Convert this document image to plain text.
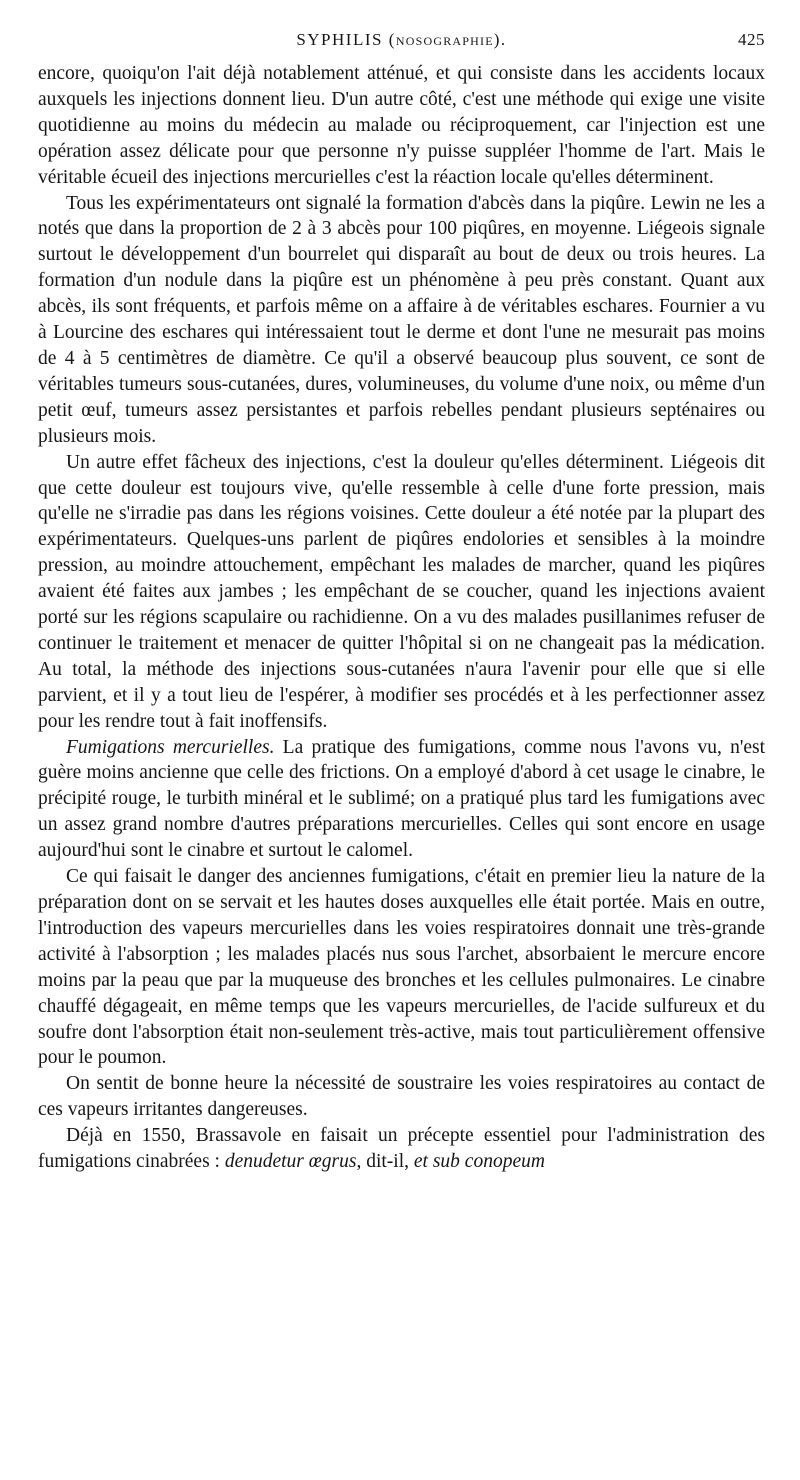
SYPHILIS (NOSOGRAPHIE).	425

encore, quoiqu'on l'ait déjà notablement atténué, et qui consiste dans les accidents locaux auxquels les injections donnent lieu. D'un autre côté, c'est une méthode qui exige une visite quotidienne au moins du médecin au malade ou réciproquement, car l'injection est une opération assez délicate pour que personne n'y puisse suppléer l'homme de l'art. Mais le véritable écueil des injections mercurielles c'est la réaction locale qu'elles déterminent.

Tous les expérimentateurs ont signalé la formation d'abcès dans la piqûre. Lewin ne les a notés que dans la proportion de 2 à 3 abcès pour 100 piqûres, en moyenne. Liégeois signale surtout le développement d'un bourrelet qui disparaît au bout de deux ou trois heures. La formation d'un nodule dans la piqûre est un phénomène à peu près constant. Quant aux abcès, ils sont fréquents, et parfois même on a affaire à de véritables eschares. Fournier a vu à Lourcine des eschares qui intéressaient tout le derme et dont l'une ne mesurait pas moins de 4 à 5 centimètres de diamètre. Ce qu'il a observé beaucoup plus souvent, ce sont de véritables tumeurs sous-cutanées, dures, volumineuses, du volume d'une noix, ou même d'un petit œuf, tumeurs assez persistantes et parfois rebelles pendant plusieurs septénaires ou plusieurs mois.

Un autre effet fâcheux des injections, c'est la douleur qu'elles déterminent. Liégeois dit que cette douleur est toujours vive, qu'elle ressemble à celle d'une forte pression, mais qu'elle ne s'irradie pas dans les régions voisines. Cette douleur a été notée par la plupart des expérimentateurs. Quelques-uns parlent de piqûres endolories et sensibles à la moindre pression, au moindre attouchement, empêchant les malades de marcher, quand les piqûres avaient été faites aux jambes ; les empêchant de se coucher, quand les injections avaient porté sur les régions scapulaire ou rachidienne. On a vu des malades pusillanimes refuser de continuer le traitement et menacer de quitter l'hôpital si on ne changeait pas la médication. Au total, la méthode des injections sous-cutanées n'aura l'avenir pour elle que si elle parvient, et il y a tout lieu de l'espérer, à modifier ses procédés et à les perfectionner assez pour les rendre tout à fait inoffensifs.

Fumigations mercurielles. La pratique des fumigations, comme nous l'avons vu, n'est guère moins ancienne que celle des frictions. On a employé d'abord à cet usage le cinabre, le précipité rouge, le turbith minéral et le sublimé; on a pratiqué plus tard les fumigations avec un assez grand nombre d'autres préparations mercurielles. Celles qui sont encore en usage aujourd'hui sont le cinabre et surtout le calomel.

Ce qui faisait le danger des anciennes fumigations, c'était en premier lieu la nature de la préparation dont on se servait et les hautes doses auxquelles elle était portée. Mais en outre, l'introduction des vapeurs mercurielles dans les voies respiratoires donnait une très-grande activité à l'absorption ; les malades placés nus sous l'archet, absorbaient le mercure encore moins par la peau que par la muqueuse des bronches et les cellules pulmonaires. Le cinabre chauffé dégageait, en même temps que les vapeurs mercurielles, de l'acide sulfureux et du soufre dont l'absorption était non-seulement très-active, mais tout particulièrement offensive pour le poumon.

On sentit de bonne heure la nécessité de soustraire les voies respiratoires au contact de ces vapeurs irritantes dangereuses.

Déjà en 1550, Brassavole en faisait un précepte essentiel pour l'administration des fumigations cinabrées : denudetur œgrus, dit-il, et sub conopeum
